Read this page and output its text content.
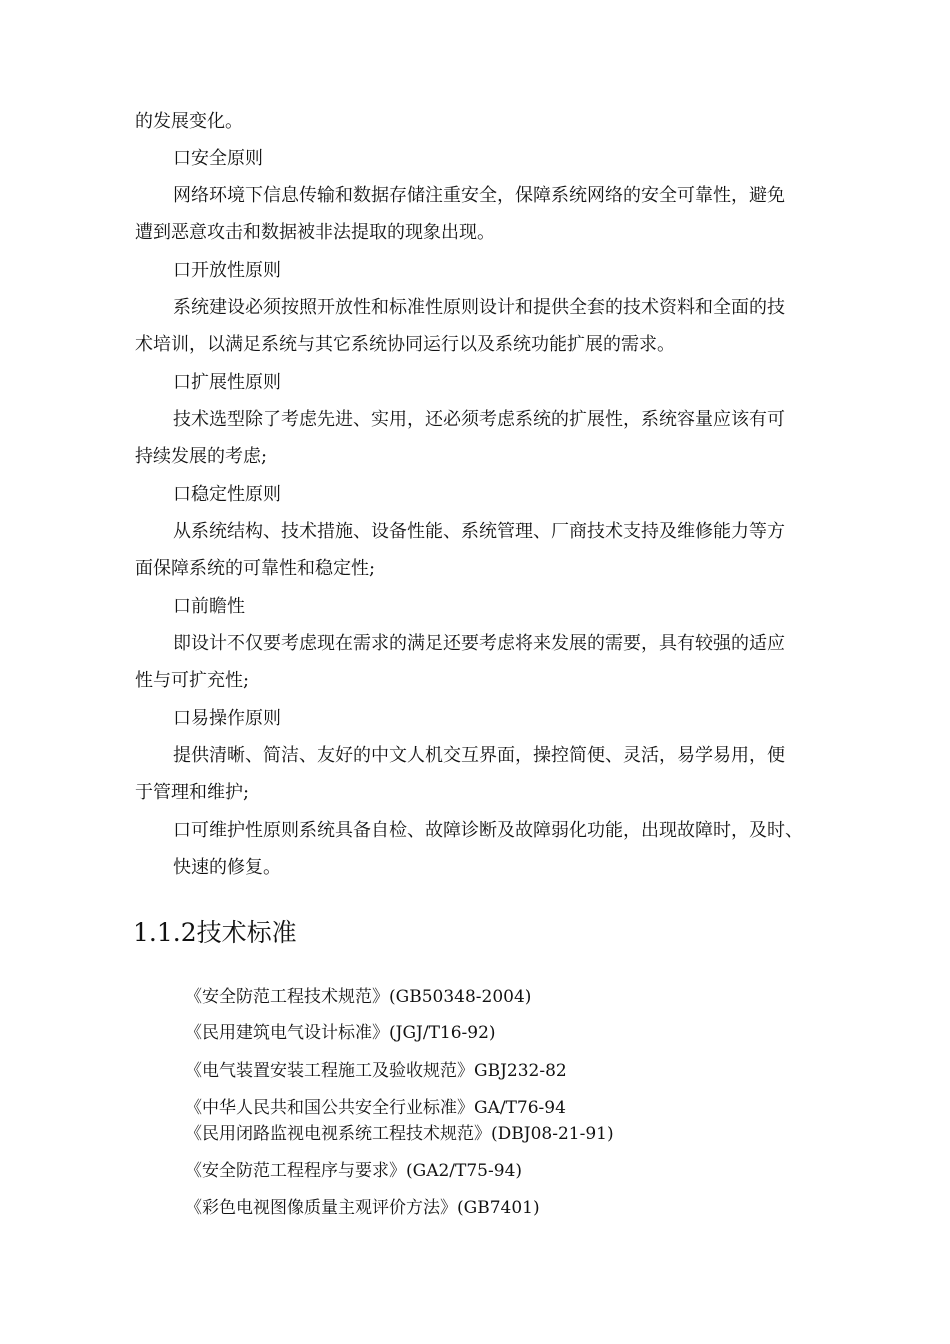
的发展变化。
口安全原则
网络环境下信息传输和数据存储注重安全，保障系统网络的安全可靠性，避免
遭到恶意攻击和数据被非法提取的现象出现。
口开放性原则
系统建设必须按照开放性和标准性原则设计和提供全套的技术资料和全面的技
术培训，以满足系统与其它系统协同运行以及系统功能扩展的需求。
口扩展性原则
技术选型除了考虑先进、实用，还必须考虑系统的扩展性，系统容量应该有可
持续发展的考虑;
口稳定性原则
从系统结构、技术措施、设备性能、系统管理、厂商技术支持及维修能力等方
面保障系统的可靠性和稳定性;
口前瞻性
即设计不仅要考虑现在需求的满足还要考虑将来发展的需要，具有较强的适应
性与可扩充性;
口易操作原则
提供清晰、简洁、友好的中文人机交互界面，操控简便、灵活，易学易用，便
于管理和维护;
口可维护性原则系统具备自检、故障诊断及故障弱化功能，出现故障时，及时、
快速的修复。
1.1.2技术标准
《安全防范工程技术规范》(GB50348-2004)
《民用建筑电气设计标准》(JGJ/T16-92)
《电气装置安装工程施工及验收规范》GBJ232-82
《中华人民共和国公共安全行业标准》GA/T76-94
《民用闭路监视电视系统工程技术规范》(DBJ08-21-91)
《安全防范工程程序与要求》(GA2/T75-94)
《彩色电视图像质量主观评价方法》(GB7401)
